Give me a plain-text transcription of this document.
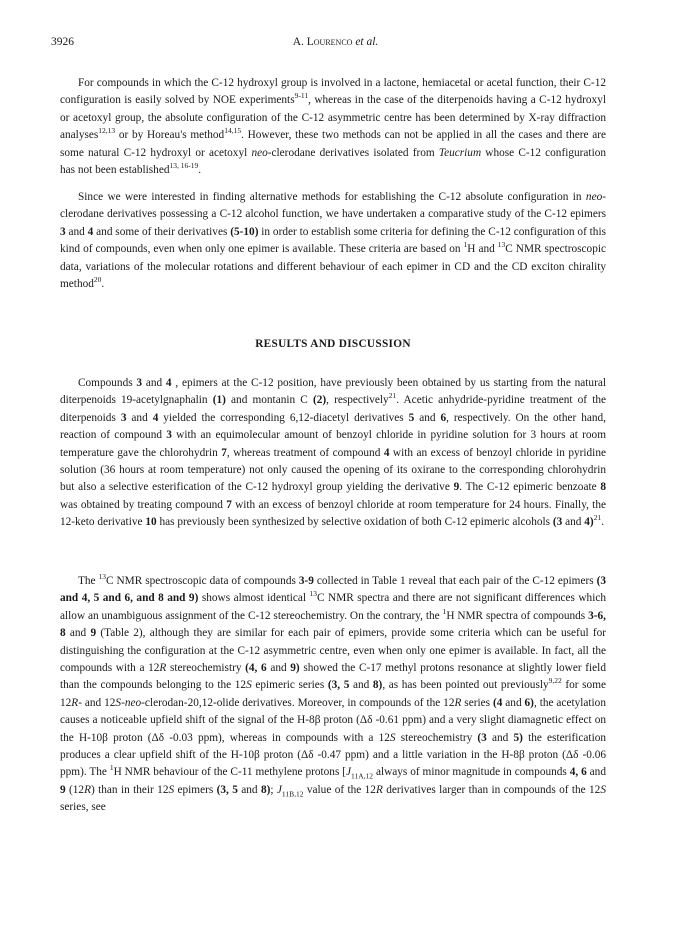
3926	A. Lourenco et al.

For compounds in which the C-12 hydroxyl group is involved in a lactone, hemiacetal or acetal function, their C-12 configuration is easily solved by NOE experiments$^{9-11}$, whereas in the case of the diterpenoids having a C-12 hydroxyl or acetoxyl group, the absolute configuration of the C-12 asymmetric centre has been determined by X-ray diffraction analyses$^{12,13}$ or by Horeau's method$^{14,15}$. However, these two methods can not be applied in all the cases and there are some natural C-12 hydroxyl or acetoxyl neo-clerodane derivatives isolated from Teucrium whose C-12 configuration has not been established$^{13, 16-19}$.

Since we were interested in finding alternative methods for establishing the C-12 absolute configuration in neo-clerodane derivatives possessing a C-12 alcohol function, we have undertaken a comparative study of the C-12 epimers 3 and 4 and some of their derivatives (5-10) in order to establish some criteria for defining the C-12 configuration of this kind of compounds, even when only one epimer is available. These criteria are based on $^1$H and $^{13}$C NMR spectroscopic data, variations of the molecular rotations and different behaviour of each epimer in CD and the CD exciton chirality method$^{20}$.

RESULTS AND DISCUSSION

Compounds 3 and 4 , epimers at the C-12 position, have previously been obtained by us starting from the natural diterpenoids 19-acetylgnaphalin (1) and montanin C (2), respectively$^{21}$. Acetic anhydride-pyridine treatment of the diterpenoids 3 and 4 yielded the corresponding 6,12-diacetyl derivatives 5 and 6, respectively. On the other hand, reaction of compound 3 with an equimolecular amount of benzoyl chloride in pyridine solution for 3 hours at room temperature gave the chlorohydrin 7, whereas treatment of compound 4 with an excess of benzoyl chloride in pyridine solution (36 hours at room temperature) not only caused the opening of its oxirane to the corresponding chlorohydrin but also a selective esterification of the C-12 hydroxyl group yielding the derivative 9. The C-12 epimeric benzoate 8 was obtained by treating compound 7 with an excess of benzoyl chloride at room temperature for 24 hours. Finally, the 12-keto derivative 10 has previously been synthesized by selective oxidation of both C-12 epimeric alcohols (3 and 4)$^{21}$.

The $^{13}$C NMR spectroscopic data of compounds 3-9 collected in Table 1 reveal that each pair of the C-12 epimers (3 and 4, 5 and 6, and 8 and 9) shows almost identical $^{13}$C NMR spectra and there are not significant differences which allow an unambiguous assignment of the C-12 stereochemistry. On the contrary, the $^1$H NMR spectra of compounds 3-6, 8 and 9 (Table 2), although they are similar for each pair of epimers, provide some criteria which can be useful for distinguishing the configuration at the C-12 asymmetric centre, even when only one epimer is available. In fact, all the compounds with a 12R stereochemistry (4, 6 and 9) showed the C-17 methyl protons resonance at slightly lower field than the compounds belonging to the 12S epimeric series (3, 5 and 8), as has been pointed out previously$^{9,22}$ for some 12R- and 12S-neo-clerodan-20,12-olide derivatives. Moreover, in compounds of the 12R series (4 and 6), the acetylation causes a noticeable upfield shift of the signal of the H-8β proton (Δδ -0.61 ppm) and a very slight diamagnetic effect on the H-10β proton (Δδ -0.03 ppm), whereas in compounds with a 12S stereochemistry (3 and 5) the esterification produces a clear upfield shift of the H-10β proton (Δδ -0.47 ppm) and a little variation in the H-8β proton (Δδ -0.06 ppm). The $^1$H NMR behaviour of the C-11 methylene protons [$J_{11A,12}$ always of minor magnitude in compounds 4, 6 and 9 (12R) than in their 12S epimers (3, 5 and 8); $J_{11B,12}$ value of the 12R derivatives larger than in compounds of the 12S series, see
